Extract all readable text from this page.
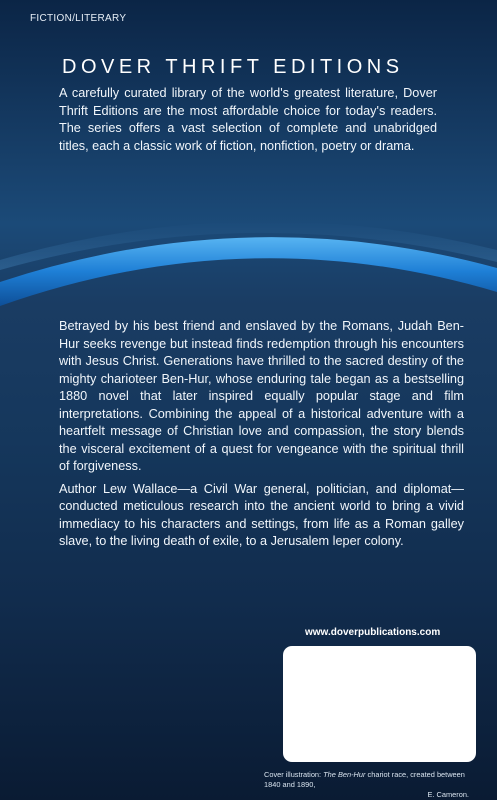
FICTION/LITERARY
DOVER THRIFT EDITIONS
A carefully curated library of the world's greatest literature, Dover Thrift Editions are the most affordable choice for today's readers. The series offers a vast selection of complete and unabridged titles, each a classic work of fiction, nonfiction, poetry or drama.

Betrayed by his best friend and enslaved by the Romans, Judah Ben-Hur seeks revenge but instead finds redemption through his encounters with Jesus Christ. Generations have thrilled to the sacred destiny of the mighty charioteer Ben-Hur, whose enduring tale began as a bestselling 1880 novel that later inspired equally popular stage and film interpretations. Combining the appeal of a historical adventure with a heartfelt message of Christian love and compassion, the story blends the visceral excitement of a quest for vengeance with the spiritual thrill of forgiveness.

Author Lew Wallace—a Civil War general, politician, and diplomat—conducted meticulous research into the ancient world to bring a vivid immediacy to his characters and settings, from life as a Roman galley slave, to the living death of exile, to a Jerusalem leper colony.

www.doverpublications.com
Cover illustration: The Ben-Hur chariot race, created between 1840 and 1890,
E. Cameron.
